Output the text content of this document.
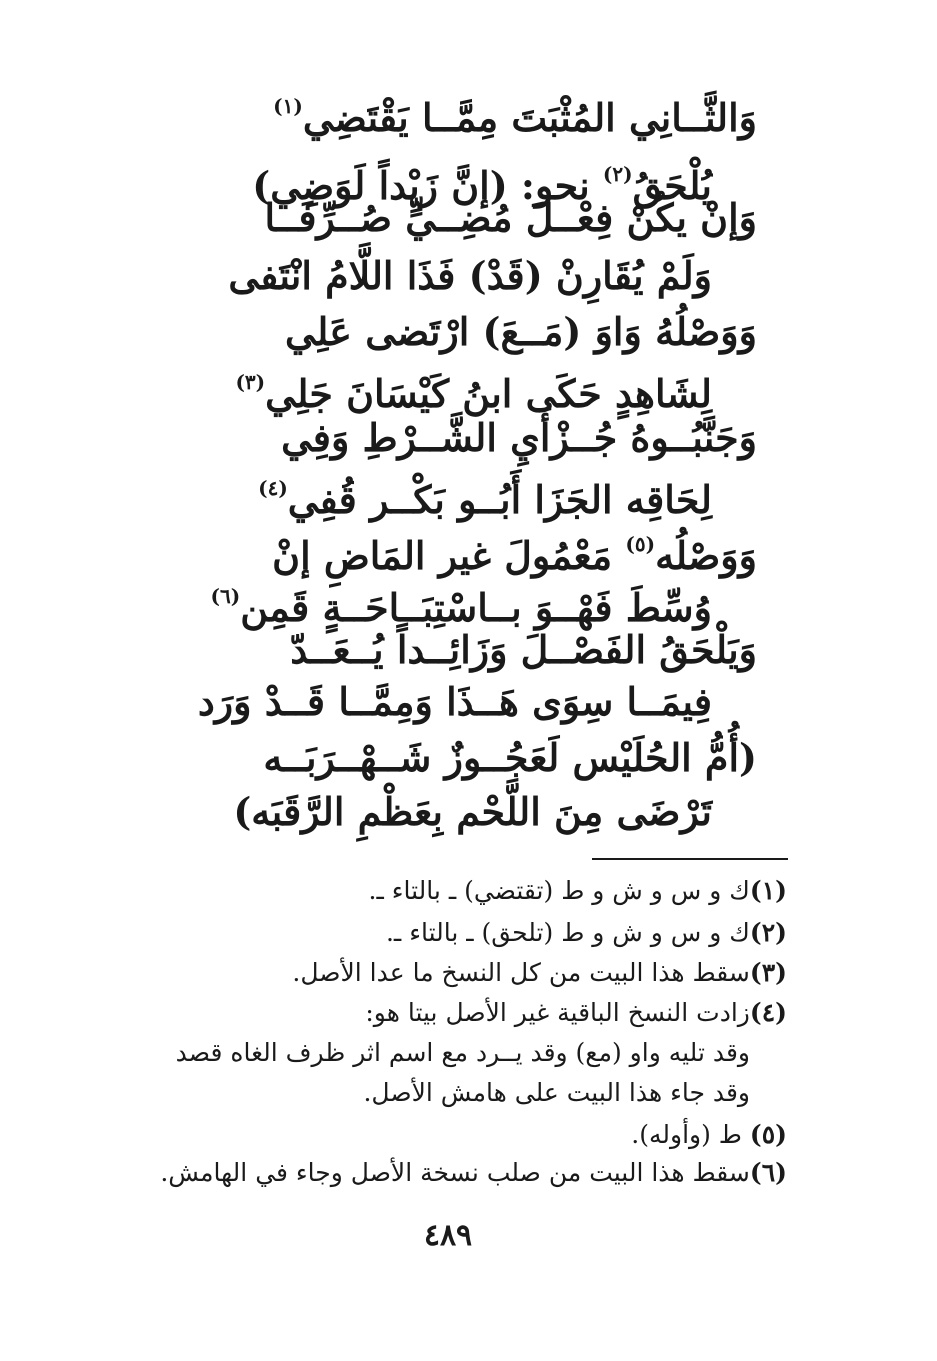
وَالثَّــانِي المُثْبَتَ مِمَّــا يَقْتَضِي$^{(١)}$
يُلْحَقُ$^{(٢)}$ نحو: (إنَّ زَيْداً لَوَضِي)
وَإنْ يكُنْ فِعْــلَ مُضِــيٍّ صُــرِّفَــا
وَلَمْ يُقَارِنْ (قَدْ) فَذَا اللَّامُ انْتَفى
وَوَصْلُهُ وَاوَ (مَــعَ) ارْتَضى عَلِي
لِشَاهِدٍ حَكَى ابنُ كَيْسَانَ جَلِي$^{(٣)}$
وَجَنَّبُــوهُ جُــزْأَيِ الشَّــرْطِ وَفِي
لِحَاقِه الجَزَا أَبُــو بَكْــر قُفِي$^{(٤)}$
وَوَصْلُه$^{(٥)}$ مَعْمُولَ غير المَاضِ إنْ
وُسِّطَ فَهْــوَ بــاسْتِبَــاحَــةٍ قَمِن$^{(٦)}$
وَيَلْحَقُ الفَصْــلَ وَزَائِــداً يُــعَــدّ
فِيمَــا سِوَى هَــذَا وَمِمَّــا قَــدْ وَرَد
(أُمُّ الحُلَيْس لَعَجُــوزٌ شَــهْــرَبَــه
تَرْضَى مِنَ اللَّحْم بِعَظْمِ الرَّقَبَه)
(١)ك و س و ش و ط (تقتضي) ـ بالتاء ـ.
(٢)ك و س و ش و ط (تلحق) ـ بالتاء ـ.
(٣)سقط هذا البيت من كل النسخ ما عدا الأصل.
(٤)زادت النسخ الباقية غير الأصل بيتا هو:
وقد تليه واو (مع) وقد يــرد مع اسم اثر ظرف الغاه قصد
وقد جاء هذا البيت على هامش الأصل.
(٥) ط (وأوله).
(٦)سقط هذا البيت من صلب نسخة الأصل وجاء في الهامش.
٤٨٩
